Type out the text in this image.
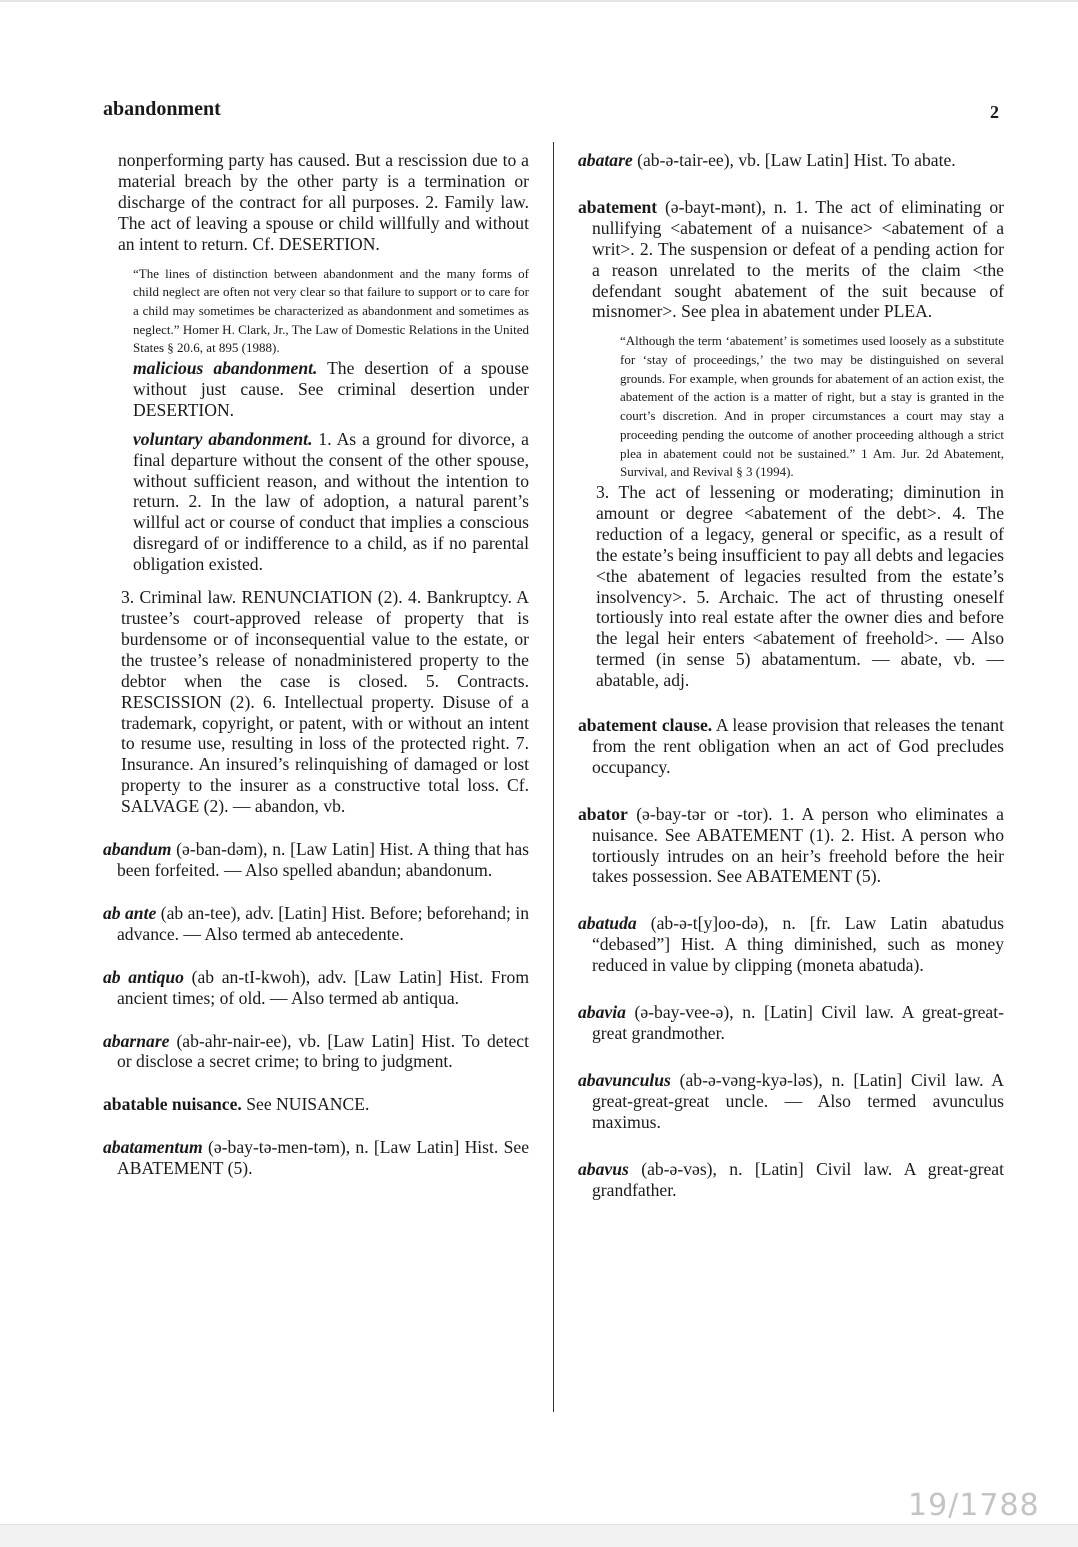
abandonment	2

nonperforming party has caused. But a rescission due to a material breach by the other party is a termination or discharge of the contract for all purposes. 2. Family law. The act of leaving a spouse or child willfully and without an intent to return. Cf. DESERTION.

“The lines of distinction between abandonment and the many forms of child neglect are often not very clear so that failure to support or to care for a child may sometimes be characterized as abandonment and sometimes as neglect.” Homer H. Clark, Jr., The Law of Domestic Relations in the United States § 20.6, at 895 (1988).

malicious abandonment. The desertion of a spouse without just cause. See criminal desertion under DESERTION.

voluntary abandonment. 1. As a ground for divorce, a final departure without the consent of the other spouse, without sufficient reason, and without the intention to return. 2. In the law of adoption, a natural parent’s willful act or course of conduct that implies a conscious disregard of or indifference to a child, as if no parental obligation existed.

3. Criminal law. RENUNCIATION (2). 4. Bankruptcy. A trustee’s court-approved release of property that is burdensome or of inconsequential value to the estate, or the trustee’s release of nonadministered property to the debtor when the case is closed. 5. Contracts. RESCISSION (2). 6. Intellectual property. Disuse of a trademark, copyright, or patent, with or without an intent to resume use, resulting in loss of the protected right. 7. Insurance. An insured’s relinquishing of damaged or lost property to the insurer as a constructive total loss. Cf. SALVAGE (2). — abandon, vb.

abandum (ə-ban-dəm), n. [Law Latin] Hist. A thing that has been forfeited. — Also spelled abandun; abandonum.

ab ante (ab an-tee), adv. [Latin] Hist. Before; beforehand; in advance. — Also termed ab antecedente.

ab antiquo (ab an-tI-kwoh), adv. [Law Latin] Hist. From ancient times; of old. — Also termed ab antiqua.

abarnare (ab-ahr-nair-ee), vb. [Law Latin] Hist. To detect or disclose a secret crime; to bring to judgment.

abatable nuisance. See NUISANCE.

abatamentum (ə-bay-tə-men-təm), n. [Law Latin] Hist. See ABATEMENT (5).

abatare (ab-ə-tair-ee), vb. [Law Latin] Hist. To abate.

abatement (ə-bayt-mənt), n. 1. The act of eliminating or nullifying <abatement of a nuisance> <abatement of a writ>. 2. The suspension or defeat of a pending action for a reason unrelated to the merits of the claim <the defendant sought abatement of the suit because of misnomer>. See plea in abatement under PLEA.

“Although the term ‘abatement’ is sometimes used loosely as a substitute for ‘stay of proceedings,’ the two may be distinguished on several grounds. For example, when grounds for abatement of an action exist, the abatement of the action is a matter of right, but a stay is granted in the court’s discretion. And in proper circumstances a court may stay a proceeding pending the outcome of another proceeding although a strict plea in abatement could not be sustained.” 1 Am. Jur. 2d Abatement, Survival, and Revival § 3 (1994).

3. The act of lessening or moderating; diminution in amount or degree <abatement of the debt>. 4. The reduction of a legacy, general or specific, as a result of the estate’s being insufficient to pay all debts and legacies <the abatement of legacies resulted from the estate’s insolvency>. 5. Archaic. The act of thrusting oneself tortiously into real estate after the owner dies and before the legal heir enters <abatement of freehold>. — Also termed (in sense 5) abatamentum. — abate, vb. — abatable, adj.

abatement clause. A lease provision that releases the tenant from the rent obligation when an act of God precludes occupancy.

abator (ə-bay-tər or -tor). 1. A person who eliminates a nuisance. See ABATEMENT (1). 2. Hist. A person who tortiously intrudes on an heir’s freehold before the heir takes possession. See ABATEMENT (5).

abatuda (ab-ə-t[y]oo-də), n. [fr. Law Latin abatudus “debased”] Hist. A thing diminished, such as money reduced in value by clipping (moneta abatuda).

abavia (ə-bay-vee-ə), n. [Latin] Civil law. A great-great-great grandmother.

abavunculus (ab-ə-vəng-kyə-ləs), n. [Latin] Civil law. A great-great-great uncle. — Also termed avunculus maximus.

abavus (ab-ə-vəs), n. [Latin] Civil law. A great-great grandfather.

19/1788
